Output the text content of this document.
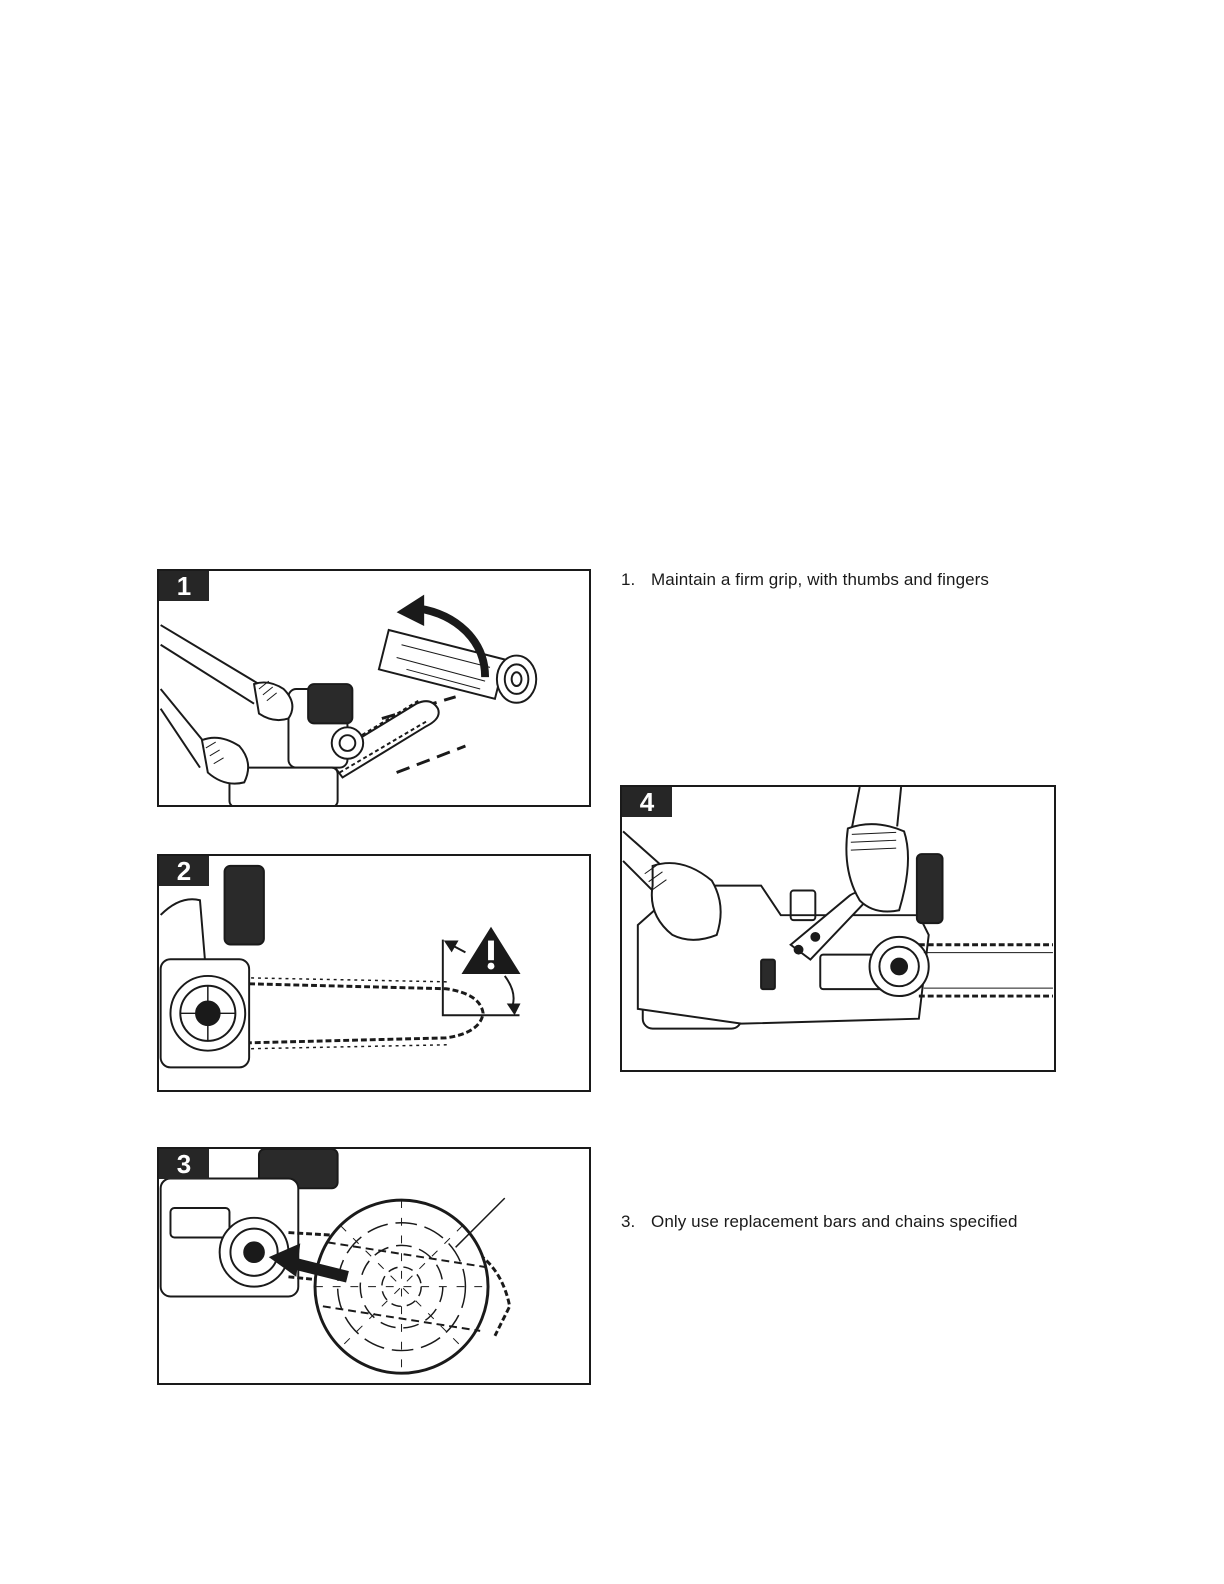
1
2
3
4
1. Maintain a firm grip, with thumbs and fingers
3. Only use replacement bars and chains specified
